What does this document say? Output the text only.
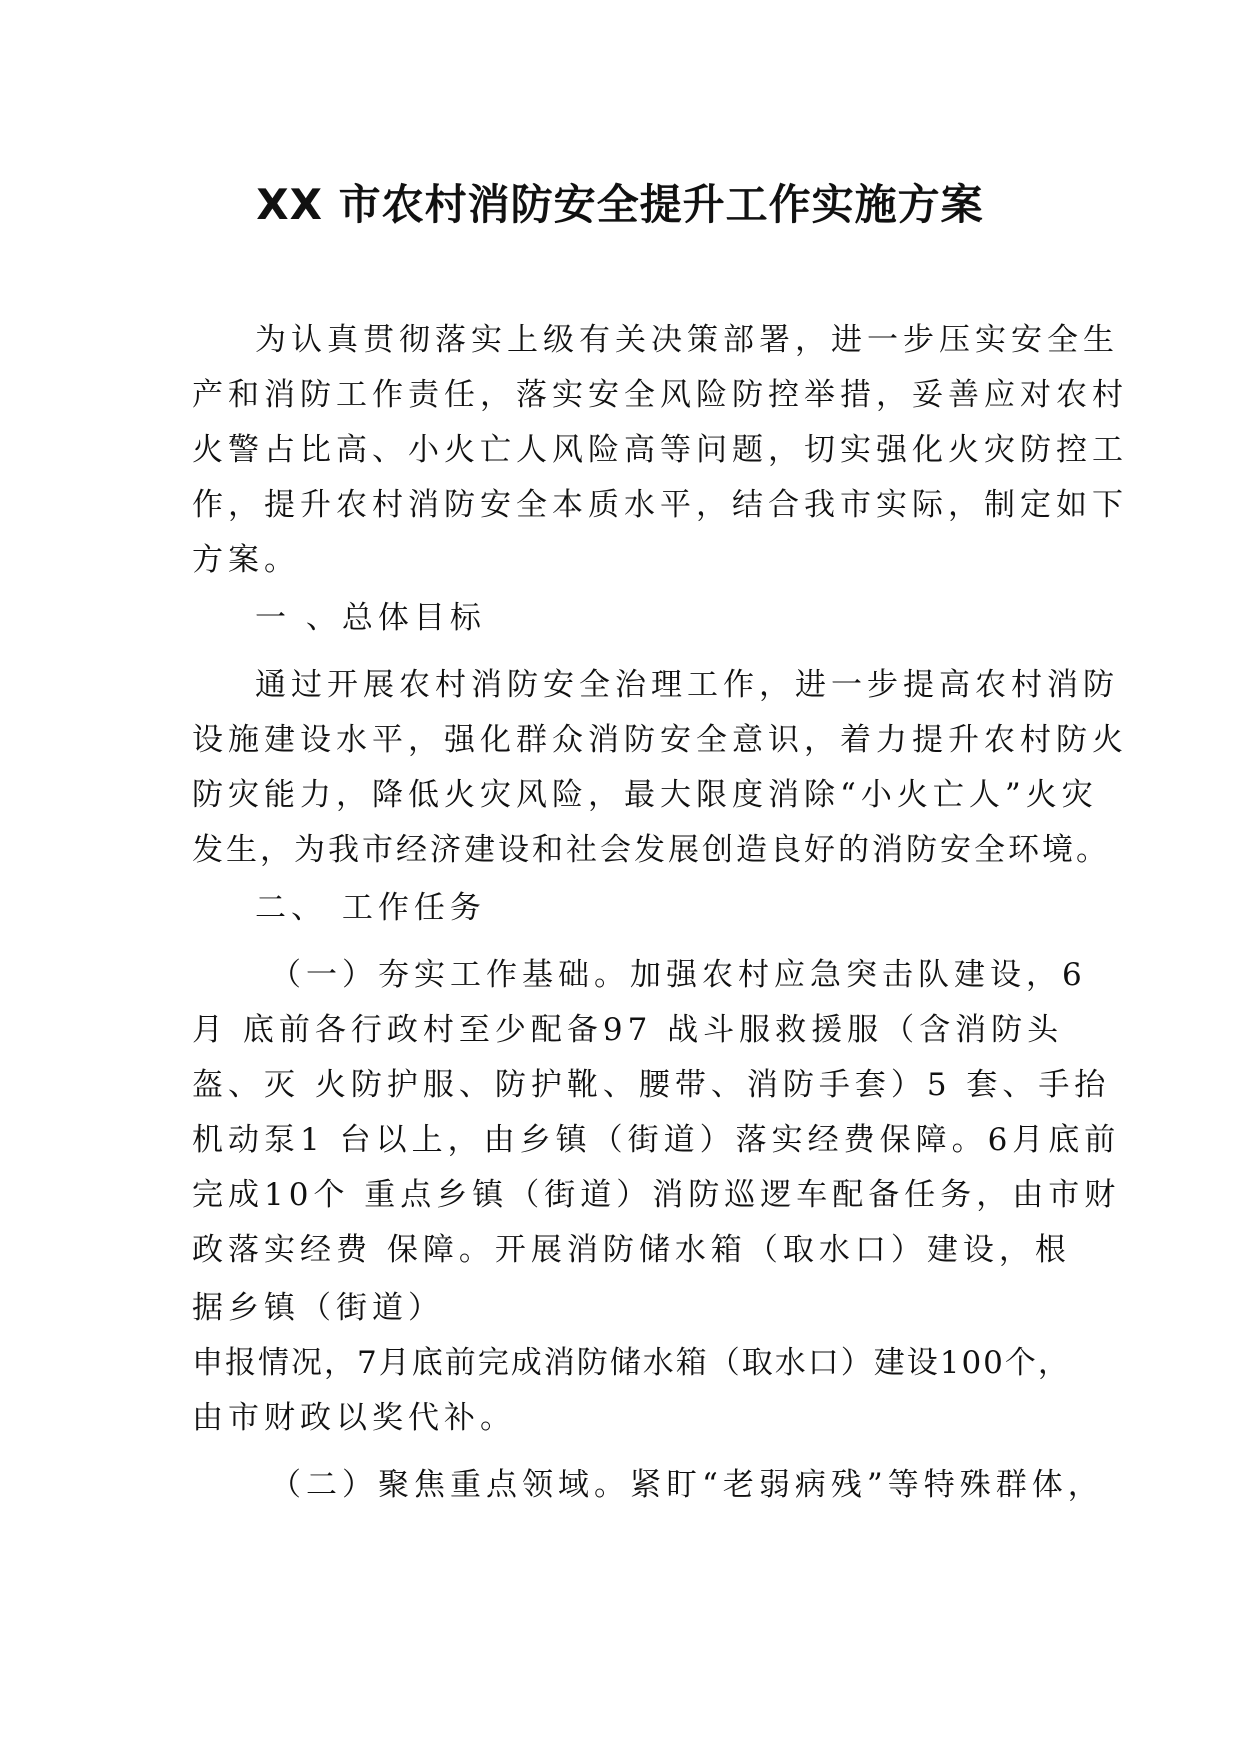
XX 市农村消防安全提升工作实施方案

为认真贯彻落实上级有关决策部署，进一步压实安全生

产和消防工作责任，落实安全风险防控举措，妥善应对农村

火警占比高、小火亡人风险高等问题，切实强化火灾防控工

作，提升农村消防安全本质水平，结合我市实际，制定如下

方案。

一 、总体目标

通过开展农村消防安全治理工作，进一步提高农村消防

设施建设水平，强化群众消防安全意识，着力提升农村防火

防灾能力，降低火灾风险，最大限度消除“小火亡人”火灾

发生，为我市经济建设和社会发展创造良好的消防安全环境。

二、 工作任务

（一）夯实工作基础。加强农村应急突击队建设，6

月 底前各行政村至少配备97 战斗服救援服（含消防头

盔、灭 火防护服、防护靴、腰带、消防手套）5 套、手抬

机动泵1 台以上，由乡镇（街道）落实经费保障。6月底前

完成10个 重点乡镇（街道）消防巡逻车配备任务，由市财

政落实经费 保障。开展消防储水箱（取水口）建设，根

据乡镇（街道）

申报情况，7月底前完成消防储水箱（取水口）建设100个，

由市财政以奖代补。

（二）聚焦重点领域。紧盯“老弱病残”等特殊群体，
